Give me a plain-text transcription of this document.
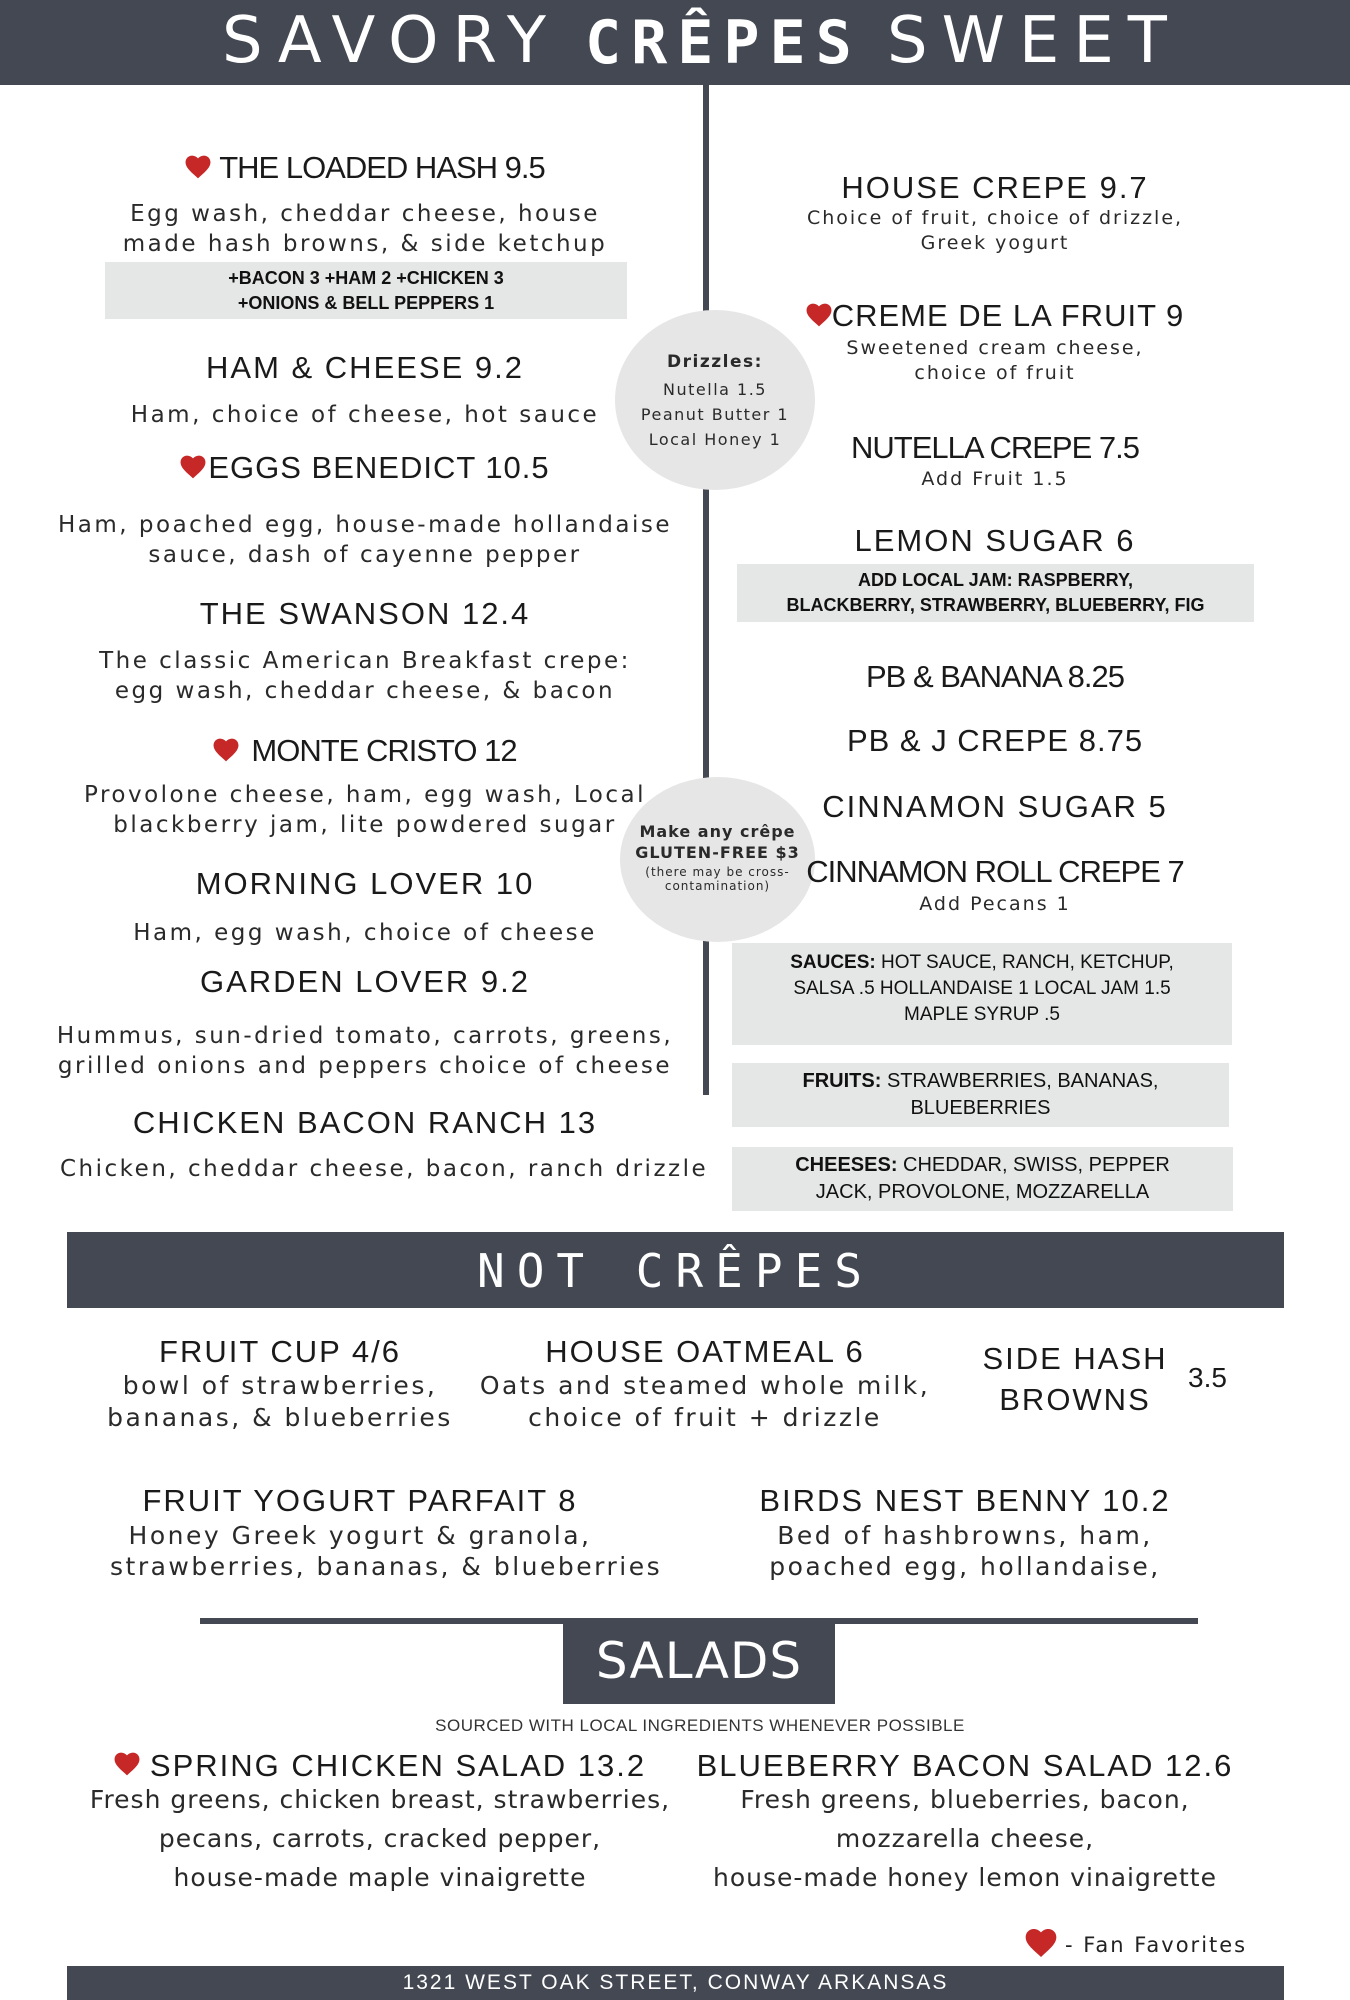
SAVORY CRÊPES SWEET
THE LOADED HASH 9.5
Egg wash, cheddar cheese, house
made hash browns, & side ketchup
+BACON 3 +HAM 2 +CHICKEN 3
+ONIONS & BELL PEPPERS 1
HAM & CHEESE 9.2
Ham, choice of cheese, hot sauce
EGGS BENEDICT 10.5
Ham, poached egg, house-made hollandaise
sauce, dash of cayenne pepper
THE SWANSON 12.4
The classic American Breakfast crepe:
egg wash, cheddar cheese, & bacon
MONTE CRISTO 12
Provolone cheese, ham, egg wash, Local
blackberry jam, lite powdered sugar
MORNING LOVER 10
Ham, egg wash, choice of cheese
GARDEN LOVER 9.2
Hummus, sun-dried tomato, carrots, greens,
grilled onions and peppers choice of cheese
CHICKEN BACON RANCH 13
Chicken, cheddar cheese, bacon, ranch drizzle
Drizzles:
Nutella 1.5
Peanut Butter 1
Local Honey 1
Make any crêpe
GLUTEN-FREE $3
(there may be cross-
contamination)
HOUSE CREPE 9.7
Choice of fruit, choice of drizzle,
Greek yogurt
CREME DE LA FRUIT 9
Sweetened cream cheese,
choice of fruit
NUTELLA CREPE 7.5
Add Fruit 1.5
LEMON SUGAR 6
ADD LOCAL JAM: RASPBERRY,
BLACKBERRY, STRAWBERRY, BLUEBERRY, FIG
PB & BANANA 8.25
PB & J CREPE 8.75
CINNAMON SUGAR 5
CINNAMON ROLL CREPE 7
Add Pecans 1
SAUCES: HOT SAUCE, RANCH, KETCHUP,
SALSA .5 HOLLANDAISE 1 LOCAL JAM 1.5
MAPLE SYRUP .5
FRUITS: STRAWBERRIES, BANANAS,
BLUEBERRIES
CHEESES: CHEDDAR, SWISS, PEPPER
JACK, PROVOLONE, MOZZARELLA
NOT CRÊPES
FRUIT CUP 4/6
bowl of strawberries,
bananas, & blueberries
HOUSE OATMEAL 6
Oats and steamed whole milk,
choice of fruit + drizzle
SIDE HASH
BROWNS
3.5
FRUIT YOGURT PARFAIT 8
Honey Greek yogurt & granola,
strawberries, bananas, & blueberries
BIRDS NEST BENNY 10.2
Bed of hashbrowns, ham,
poached egg, hollandaise,
SALADS
SOURCED WITH LOCAL INGREDIENTS WHENEVER POSSIBLE
SPRING CHICKEN SALAD 13.2
Fresh greens, chicken breast, strawberries,
pecans, carrots, cracked pepper,
house-made maple vinaigrette
BLUEBERRY BACON SALAD 12.6
Fresh greens, blueberries, bacon,
mozzarella cheese,
house-made honey lemon vinaigrette
- Fan Favorites
1321 WEST OAK STREET, CONWAY ARKANSAS
